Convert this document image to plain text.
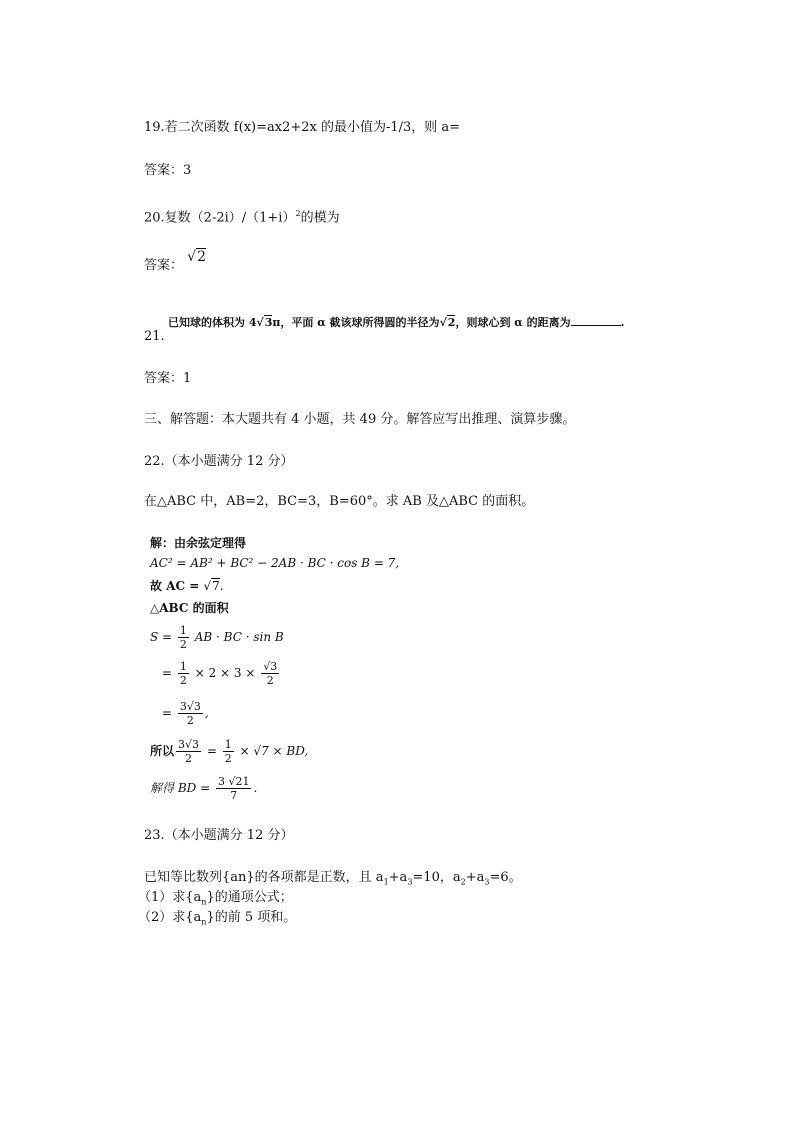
19.若二次函数 f(x)=ax2+2x 的最小值为-1/3，则 a=
答案：3
20.复数$(2-2i)/(1+i)^2$的模为
答案： √2
21.
已知球的体积为 4√3π，平面 α 截该球所得圆的半径为√2，则球心到 α 的距离为	.
答案：1
三、解答题：本大题共有 4 小题，共 49 分。解答应写出推理、演算步骤。
22.（本小题满分 12 分）
在△ABC 中，AB=2，BC=3，B=60°。求 AB 及△ABC 的面积。
解：由余弦定理得
AC² = AB² + BC² − 2AB · BC · cos B = 7,
故 AC = √7.
△ABC 的面积
$S = \frac{1}{2}$ AB · BC · sin B
= $\frac{1}{2} \times 2 \times 3 \times \frac{√3}{2}$
= $\frac{3√3}{2}$ ,
所以 $\frac{3√3}{2} = \frac{1}{2} \times √7$ × BD,
解得 BD = $\frac{3 √21}{7}$ .
23.（本小题满分 12 分）
已知等比数列{an}的各项都是正数，且 $a_1+a_3=10$，$a_2+a_3=6$。
（1）求$\{a_n\}$的通项公式；
（2）求$\{a_n\}$的前 5 项和。
